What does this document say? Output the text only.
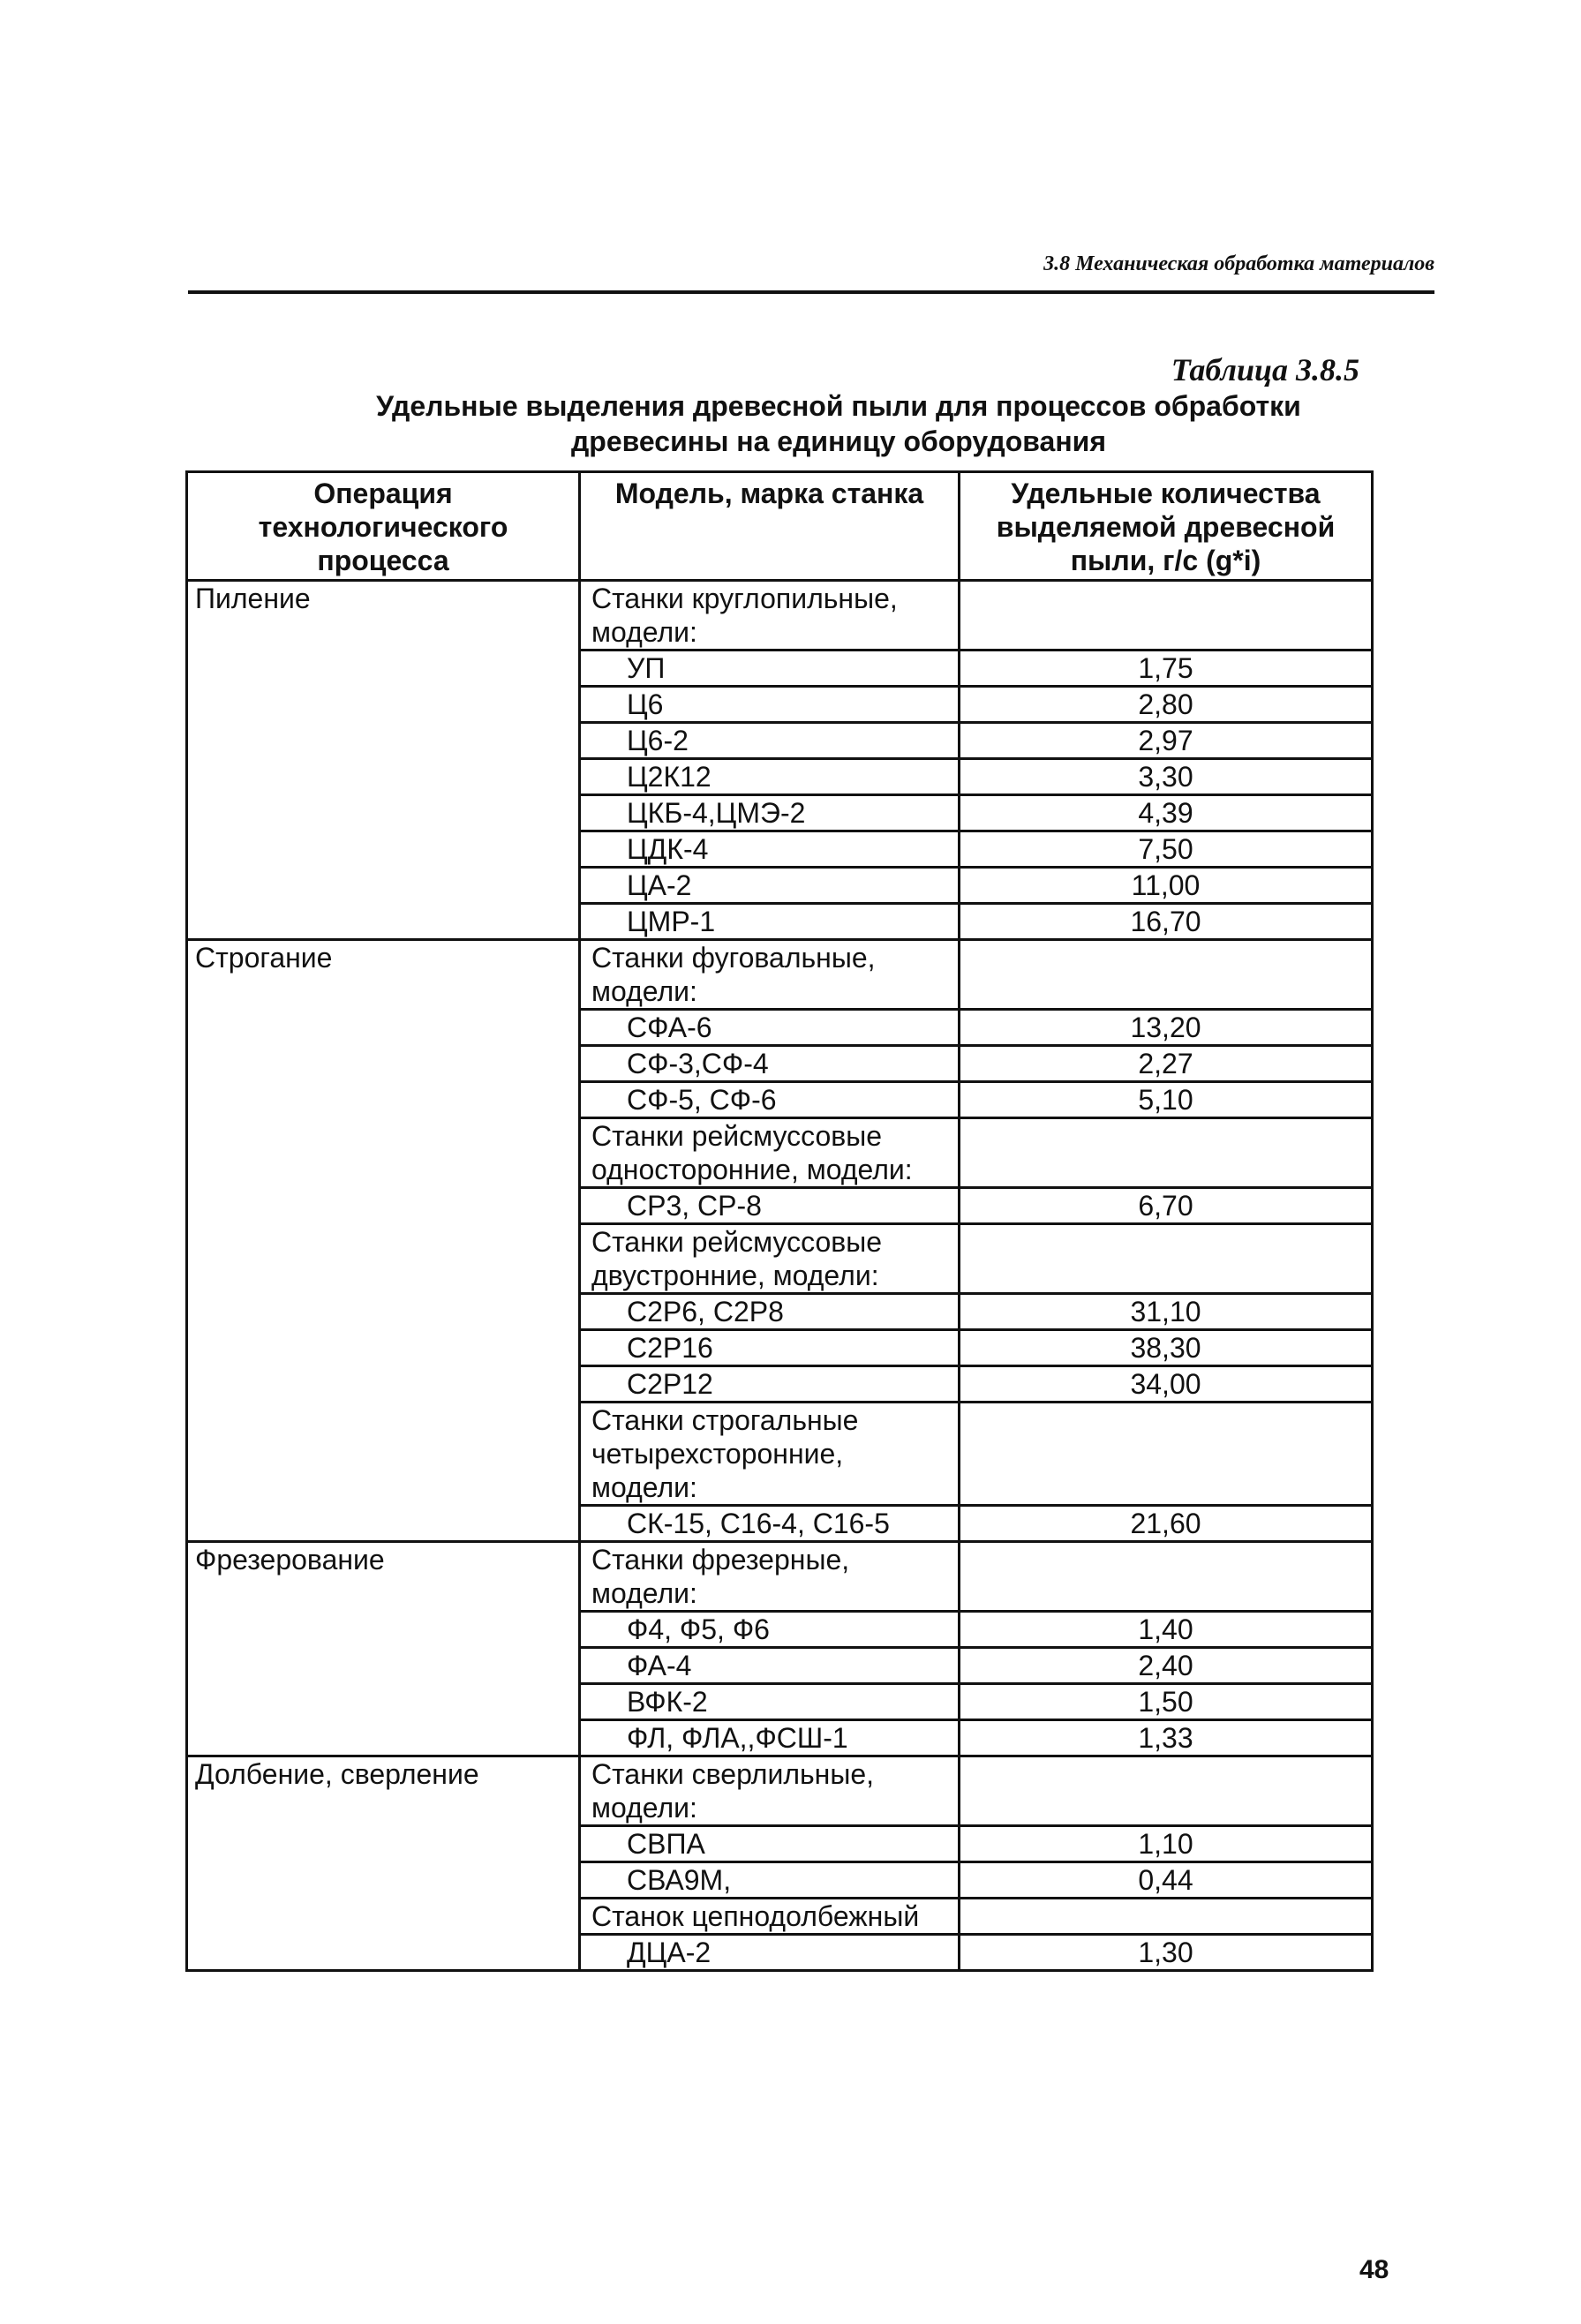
3.8 Механическая обработка материалов
Таблица 3.8.5
Удельные выделения древесной пыли для процессов обработки древесины на единицу оборудования
Операция технологического процесса	Модель, марка станка	Удельные количества выделяемой древесной пыли, г/с (g*i)
Пиление	Станки круглопильные, модели:	
	УП	1,75
	Ц6	2,80
	Ц6-2	2,97
	Ц2К12	3,30
	ЦКБ-4,ЦМЭ-2	4,39
	ЦДК-4	7,50
	ЦА-2	11,00
	ЦМР-1	16,70
Строгание	Станки фуговальные, модели:	
	СФА-6	13,20
	СФ-3,СФ-4	2,27
	СФ-5, СФ-6	5,10
	Станки рейсмуссовые односторонние, модели:	
	СР3, СР-8	6,70
	Станки рейсмуссовые двустронние, модели:	
	С2Р6, С2Р8	31,10
	С2Р16	38,30
	С2Р12	34,00
	Станки строгальные четырехсторонние, модели:	
	СК-15, С16-4, С16-5	21,60
Фрезерование	Станки фрезерные, модели:	
	Ф4, Ф5, Ф6	1,40
	ФА-4	2,40
	ВФК-2	1,50
	ФЛ, ФЛА,,ФСШ-1	1,33
Долбение, сверление	Станки сверлильные, модели:	
	СВПА	1,10
	СВА9М,	0,44
	Станок цепнодолбежный	
	ДЦА-2	1,30
48
